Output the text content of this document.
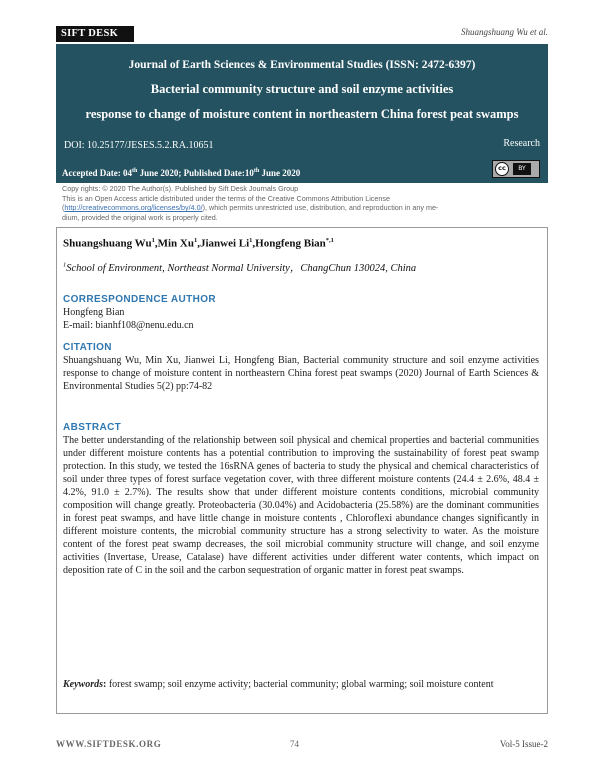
SIFT DESK	Shuangshuang Wu et al.
Journal of Earth Sciences & Environmental Studies (ISSN: 2472-6397)
Bacterial community structure and soil enzyme activities
response to change of moisture content in northeastern China forest peat swamps
DOI: 10.25177/JESES.5.2.RA.10651	Research
Accepted Date: 04th June 2020; Published Date:10th June 2020	cc	BY
Copy rights: © 2020 The Author(s). Published by Sift Desk Journals Group
This is an Open Access article distributed under the terms of the Creative Commons Attribution License
(http://creativecommons.org/licenses/by/4.0/), which permits unrestricted use, distribution, and reproduction in any me-
dium, provided the original work is properly cited.
Shuangshuang Wu$^1$,Min Xu$^1$,Jianwei Li$^1$,Hongfeng Bian$^{*,1}$
$^1$School of Environment, Northeast Normal University，ChangChun 130024, China
CORRESPONDENCE AUTHOR
Hongfeng Bian
E-mail: bianhf108@nenu.edu.cn
CITATION
Shuangshuang Wu, Min Xu, Jianwei Li, Hongfeng Bian, Bacterial community structure and soil enzyme activities response to change of moisture content in northeastern China forest peat swamps (2020) Journal of Earth Sciences & Environmental Studies 5(2) pp:74-82
ABSTRACT
The better understanding of the relationship between soil physical and chemical properties and bacterial communities under different moisture contents has a potential contribution to improving the sustainability of forest peat swamp protection. In this study, we tested the 16sRNA genes of bacteria to study the physical and chemical characteristics of soil under three types of forest surface vegetation cover, with three different moisture contents (24.4 ± 2.6%, 48.4 ± 4.2%, 91.0 ± 2.7%). The results show that under different moisture contents conditions, microbial community composition will change greatly. Proteobacteria (30.04%) and Acidobacteria (25.58%) are the dominant communities in forest peat swamps, and have little change in moisture contents , Chloroflexi abundance changes significantly in different moisture contents, the microbial community structure has a strong selectivity to water. As the moisture content of the forest peat swamp decreases, the soil microbial community structure will change, and soil enzyme activities (Invertase, Urease, Catalase) have different activities under different water contents, which impact on deposition rate of C in the soil and the carbon sequestration of organic matter in forest peat swamps.
Keywords: forest swamp; soil enzyme activity; bacterial community; global warming; soil moisture content
WWW.SIFTDESK.ORG	74	Vol-5 Issue-2
